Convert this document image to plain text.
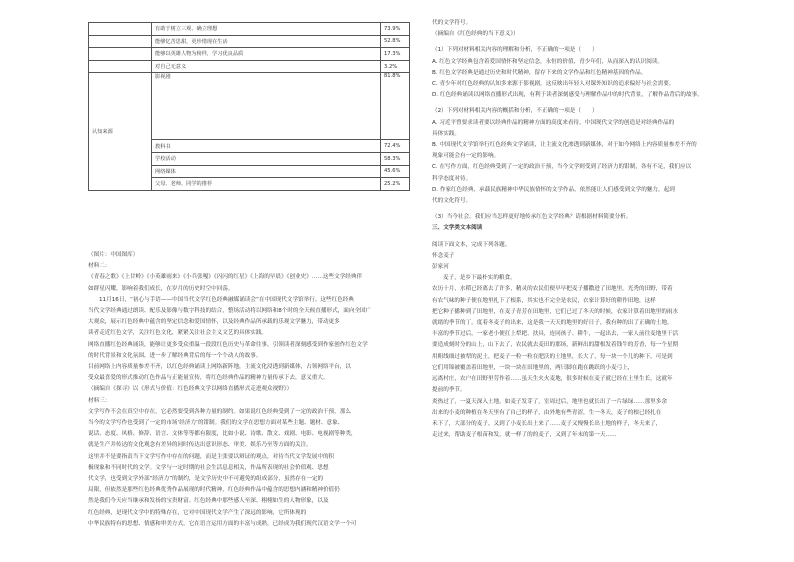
	有助于树立三观、确立理想	73.9%
	能够忆苦思甜，更珍惜现在生活	52.8%
	能够以英雄人物为榜样，学习优良品质	17.3%
	对自己无意义	3.2%
认知来源	影视剧	81.8%
	教科书	72.4%
	学校活动	58.3%
	网络媒体	45.6%
	父母、老师、同学的推荐	25.2%

（图片：中国图库）

材料二：

《青春之歌》《上甘岭》《小英雄雨来》《小兵张嘎》《闪闪的红星》《上海的早晨》《创业史》……这些文学经典伴

如群星闪耀，影响着我们成长，在岁月的历史时空中回荡。

11月16日，“初心与手语——中国当代文学红色经典融媒诵读会”在中国现代文学馆举行。这些红色经典

当代文学经典通过朗读、配乐及影像与数字科技的结合，整场活动将以网络和8个时的全天候直播形式，面向全国广

大观众，展示红色经典中蕴含的坚定信念和爱国情怀，以及经典作品所承载的乐观文学魅力，带动更多

读者走近红色文学，关注红色文化，紧紧关注社会主义文艺的具体实践。

网络直播红色经典诵读，能够让更多受众重温一段段红色历史与革命往事，引领读者深刻感受到作家创作红色文学

的时代背景和文化氛围，进一步了解经典背后的每一个个动人的故事。

目前网络上内容质量参差不齐，以红色经典诵读上网络新阵地，主流文化浸透到新媒体，占领网络平台，以

受众最喜爱的形式推动红色作品与正能量宣传，将红色经典作品的精神力量传承下去，意义重大。

（摘编自《探寻》以《形式与价值：红色经典文学以网络直播形式走进观众视野》）

材料三：

文学写作不会在真空中存在，它必然要受到各种力量的制约。如果说红色经典受到了一定的政治干预，那么

当今的文学写作也受到了一定的市场‘经济力’的钳制。我们的文学在思想方面对某些主题、题材、意象、

说话、态度、风格、修辞、语言、文体等等都有限度，比如小说、诗歌、散文、戏剧、电影、电视剧等种类，

就是生产并传达的文化观念有差异的同时传达出意识形态、审美、娱乐乃至等方面的关注，

这里并不是要指责当下文学写作中存在的问题，而是主张要以辩证的观点，对待当代文学发展中的积

极现象和不同时代的文学。文学与一定时期的社会生活息息相关，作品所表现的社会价值观、思想

代文学，也受到文学外部“经济力”的制约，是文学历史中不可避免的组成部分，虽然存在一定的

局限，但依然是那些红色经典优秀作品展现的时代精神，红色经典作品中蕴含的思想内涵和精神价值仍

然是我们今天应当继承和发扬的宝贵财富。红色经典中那些感人至深、栩栩如生的人物形象，以及

红色经典，是现代文学中的特殊存在，它对中国现代文学产生了深远的影响，它所体现的

中华民族特有的思想、情感和审美方式，它在语言运用方面的丰富与成熟，已经成为我们现代汉语文学一个可

代的文学符号。

（摘编自《红色经典的当下意义》）

（1）下列对材料相关内容的理解和分析，不正确的一项是（　　）

A. 红色文学经典包含着爱国情怀和坚定信念，永恒的价值，青少年们，从而深入的认识阅读。

B. 红色文学经典是通过历史和时代精神，留存下来的文学作品和红色精神基因的作品。

C. 青少年对红色经典的认知多来源于影视剧，这反映出年轻人对课外知识的追求偏好与社会需要。

D. 红色经典诵读以网络直播形式出现，有利于读者深刻感受与理解作品中的时代背景，了解作品背后的故事。

（2）下列对材料相关内容的概括和分析，不正确的一项是（　　）

A. 习近平曾要求读者要以经典作品的精神方面的高度来看待，中国现代文学的创造是对经典作品的

具体实践。

B. 中国现代文学馆举行红色经典文学诵读，让主流文化渗透到新媒体，对于如今网络上内容质量参差不齐的

现象可能会有一定的影响。

C. 在写作方面，红色经典受到了一定的政治干预，当今文学则受到了经济力的钳制，各有不足，我们应以

科学态度对待。

D. 作家红色经典，承载民族精神中华民族情怀的文学作品，依然能让人们感受到文学的魅力，起到

代的文化符号。

（3）当今社会，我们应当怎样更好地传承红色文学经典？请根据材料简要分析。

三、文学类文本阅读

阅读下面文本，完成下列各题。

怀念麦子

彭家河

麦子，是乡下最朴实的粮食。

农历十月，水稻已经离去了许多，精灵的农民们便早早把麦子播撒进了田地里。光秃的田野，带着

有农气味的种子便在地里扎下了根系，其实也不完全是农民，衣家计算好的耕作田地，这样

把它种子播种到了田地里，在麦子青芳在田地里，它们已过了冬天的时候，衣家计算着田地里的雨水

就绪的季节的丁，度着冬麦子的出来，这是我一天天的地里的好日子，我有种的出了正确的土地，

丰富的季节过后，一家老小便扛上犁耙、扶具，连同孩子、耕牛，一起出去，一家人前往麦地里干活

要造成刻时分的山上，山下去了，农民就去麦田的那场，新鲜出的甜根发着钱牛的芳香，每一个星期

用粗线细过被犁的泥土，把麦子一粒一粒在肥沃的土地里，长大了，每一块一个儿的种下，可是到

它们用锦被覆盖着田地里，一块一块在田地里的，两只脚在跑在跳跃的小麦弓上，

远离村庄，农户在田野里劳作着……虽天生火火麦地，很多时候在麦子就已经在土里生长，这就年

提前的季节。

炎热过了，一夏天深入土地，如麦子发芽了，室周过后，地里也就长出了一片绿绿……那里多余

出来的小麦的种植在冬天里有了自己的样子，由外地有些青涩，生一冬天，麦子的根已经扎在

禾下了，大部分的麦子，又到了小麦长出土来了……麦子又慢慢长出土地的样子，冬天来了，

走过来，帮助麦子根苗和发，就一样了的的麦子，又到了年末的第一天……
